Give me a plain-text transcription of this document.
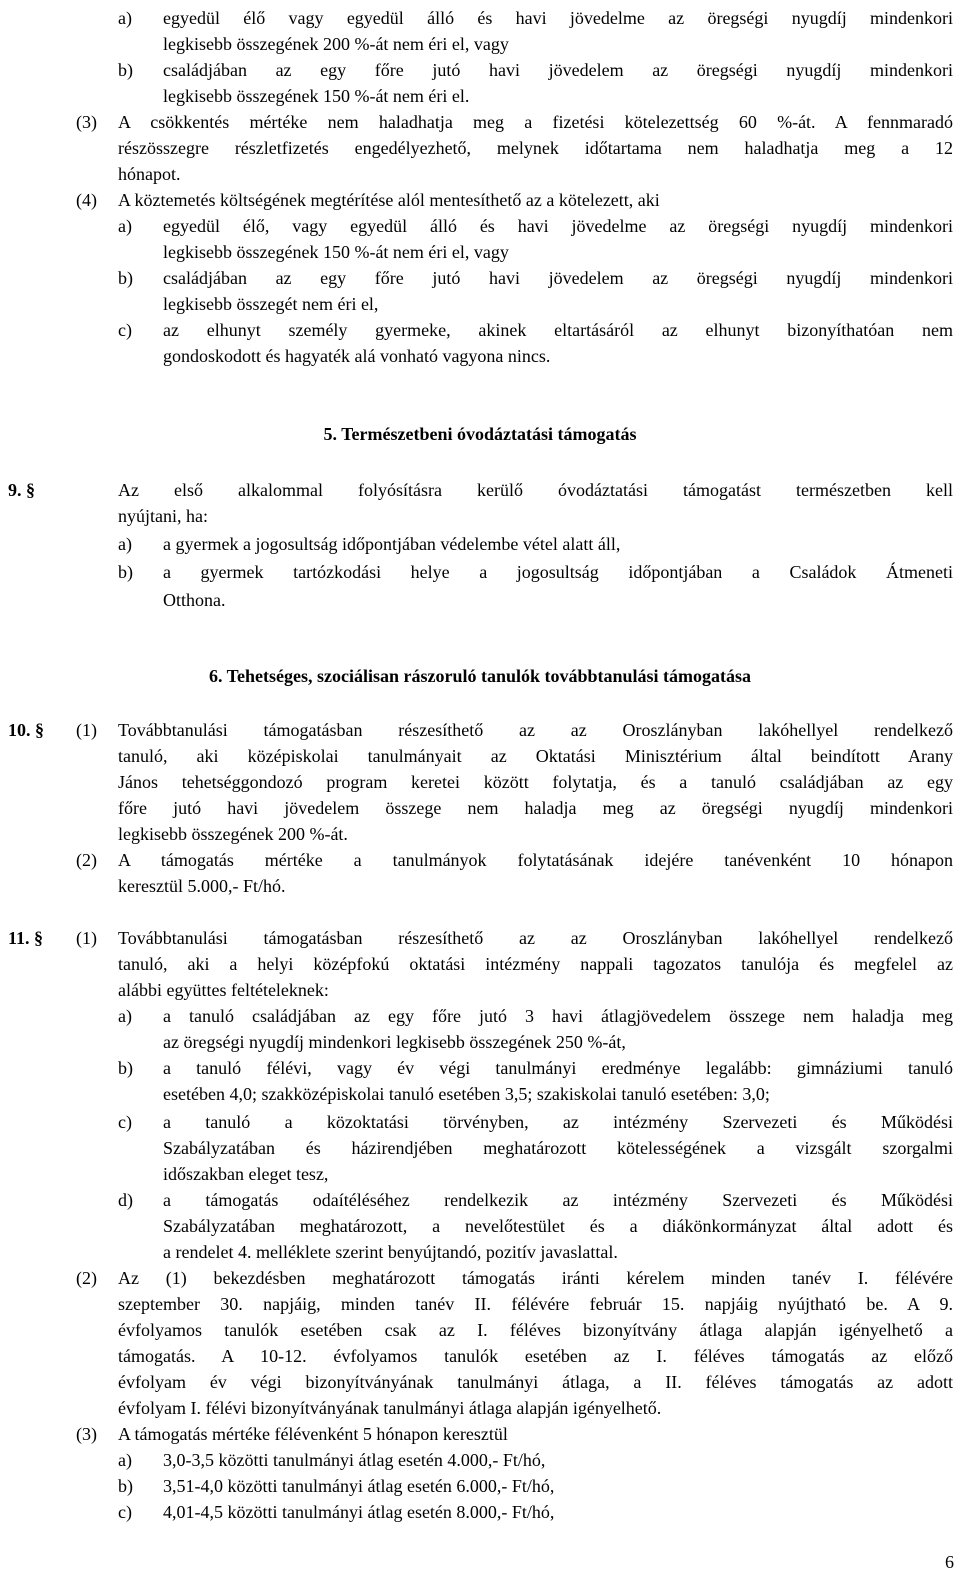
a) egyedül élő vagy egyedül álló és havi jövedelme az öregségi nyugdíj mindenkori
legkisebb összegének 200 %-át nem éri el, vagy
b) családjában az egy főre jutó havi jövedelem az öregségi nyugdíj mindenkori
legkisebb összegének 150 %-át nem éri el.
(3) A csökkentés mértéke nem haladhatja meg a fizetési kötelezettség 60 %-át. A fennmaradó
részösszegre részletfizetés engedélyezhető, melynek időtartama nem haladhatja meg a 12
hónapot.
(4) A köztemetés költségének megtérítése alól mentesíthető az a kötelezett, aki
a) egyedül élő, vagy egyedül álló és havi jövedelme az öregségi nyugdíj mindenkori
legkisebb összegének 150 %-át nem éri el, vagy
b) családjában az egy főre jutó havi jövedelem az öregségi nyugdíj mindenkori
legkisebb összegét nem éri el,
c) az elhunyt személy gyermeke, akinek eltartásáról az elhunyt bizonyíthatóan nem
gondoskodott és hagyaték alá vonható vagyona nincs.
5. Természetbeni óvodáztatási támogatás
9. §	Az első alkalommal folyósításra kerülő óvodáztatási támogatást természetben kell
nyújtani, ha:
a) a gyermek a jogosultság időpontjában védelembe vétel alatt áll,
b) a gyermek tartózkodási helye a jogosultság időpontjában a Családok Átmeneti
Otthona.
6. Tehetséges, szociálisan rászoruló tanulók továbbtanulási támogatása
10. § (1) Továbbtanulási támogatásban részesíthető az az Oroszlányban lakóhellyel rendelkező
tanuló, aki középiskolai tanulmányait az Oktatási Minisztérium által beindított Arany
János tehetséggondozó program keretei között folytatja, és a tanuló családjában az egy
főre jutó havi jövedelem összege nem haladja meg az öregségi nyugdíj mindenkori
legkisebb összegének 200 %-át.
(2) A támogatás mértéke a tanulmányok folytatásának idejére tanévenként 10 hónapon
keresztül 5.000,- Ft/hó.
11. § (1) Továbbtanulási támogatásban részesíthető az az Oroszlányban lakóhellyel rendelkező
tanuló, aki a helyi középfokú oktatási intézmény nappali tagozatos tanulója és megfelel az
alábbi együttes feltételeknek:
a) a tanuló családjában az egy főre jutó 3 havi átlagjövedelem összege nem haladja meg
az öregségi nyugdíj mindenkori legkisebb összegének 250 %-át,
b) a tanuló félévi, vagy év végi tanulmányi eredménye legalább: gimnáziumi tanuló
esetében 4,0; szakközépiskolai tanuló esetében 3,5; szakiskolai tanuló esetében: 3,0;
c) a tanuló a közoktatási törvényben, az intézmény Szervezeti és Működési
Szabályzatában és házirendjében meghatározott kötelességének a vizsgált szorgalmi
időszakban eleget tesz,
d) a támogatás odaítéléséhez rendelkezik az intézmény Szervezeti és Működési
Szabályzatában meghatározott, a nevelőtestület és a diákönkormányzat által adott és
a rendelet 4. melléklete szerint benyújtandó, pozitív javaslattal.
(2) Az (1) bekezdésben meghatározott támogatás iránti kérelem minden tanév I. félévére
szeptember 30. napjáig, minden tanév II. félévére február 15. napjáig nyújtható be. A 9.
évfolyamos tanulók esetében csak az I. féléves bizonyítvány átlaga alapján igényelhető a
támogatás. A 10-12. évfolyamos tanulók esetében az I. féléves támogatás az előző
évfolyam év végi bizonyítványának tanulmányi átlaga, a II. féléves támogatás az adott
évfolyam I. félévi bizonyítványának tanulmányi átlaga alapján igényelhető.
(3) A támogatás mértéke félévenként 5 hónapon keresztül
a) 3,0-3,5 közötti tanulmányi átlag esetén 4.000,- Ft/hó,
b) 3,51-4,0 közötti tanulmányi átlag esetén 6.000,- Ft/hó,
c) 4,01-4,5 közötti tanulmányi átlag esetén 8.000,- Ft/hó,
6
